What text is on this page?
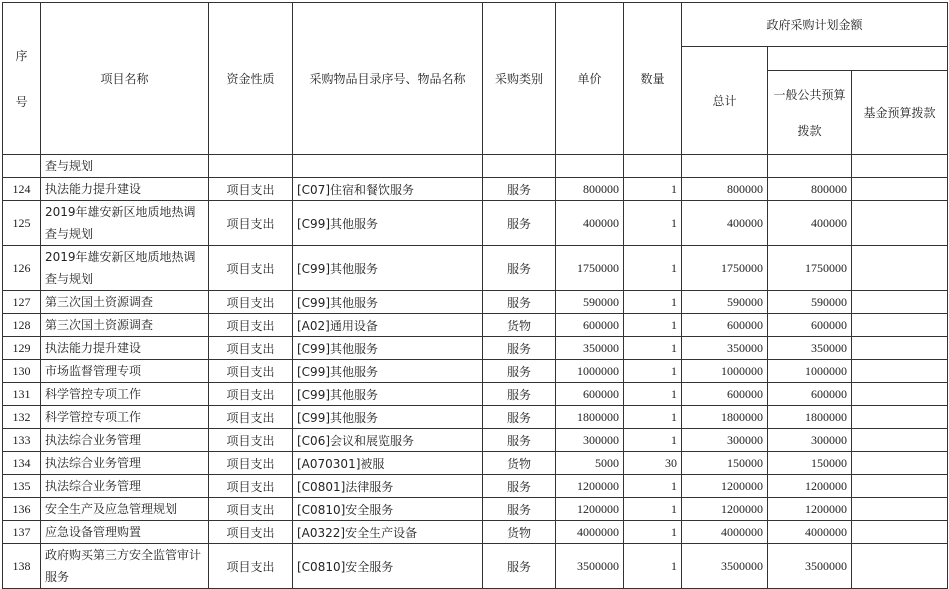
序号	项目名称	资金性质	采购物品目录序号、物品名称	采购类别	单价	数量	政府采购计划金额		
							总计		
								一般公共预算拨款	基金预算拨款
	查与规划								
124	执法能力提升建设	项目支出	[C07]住宿和餐饮服务	服务	800000	1	800000	800000	
125	2019年雄安新区地质地热调查与规划	项目支出	[C99]其他服务	服务	400000	1	400000	400000	
126	2019年雄安新区地质地热调查与规划	项目支出	[C99]其他服务	服务	1750000	1	1750000	1750000	
127	第三次国土资源调查	项目支出	[C99]其他服务	服务	590000	1	590000	590000	
128	第三次国土资源调查	项目支出	[A02]通用设备	货物	600000	1	600000	600000	
129	执法能力提升建设	项目支出	[C99]其他服务	服务	350000	1	350000	350000	
130	市场监督管理专项	项目支出	[C99]其他服务	服务	1000000	1	1000000	1000000	
131	科学管控专项工作	项目支出	[C99]其他服务	服务	600000	1	600000	600000	
132	科学管控专项工作	项目支出	[C99]其他服务	服务	1800000	1	1800000	1800000	
133	执法综合业务管理	项目支出	[C06]会议和展览服务	服务	300000	1	300000	300000	
134	执法综合业务管理	项目支出	[A070301]被服	货物	5000	30	150000	150000	
135	执法综合业务管理	项目支出	[C0801]法律服务	服务	1200000	1	1200000	1200000	
136	安全生产及应急管理规划	项目支出	[C0810]安全服务	服务	1200000	1	1200000	1200000	
137	应急设备管理购置	项目支出	[A0322]安全生产设备	货物	4000000	1	4000000	4000000	
138	政府购买第三方安全监管审计服务	项目支出	[C0810]安全服务	服务	3500000	1	3500000	3500000	
